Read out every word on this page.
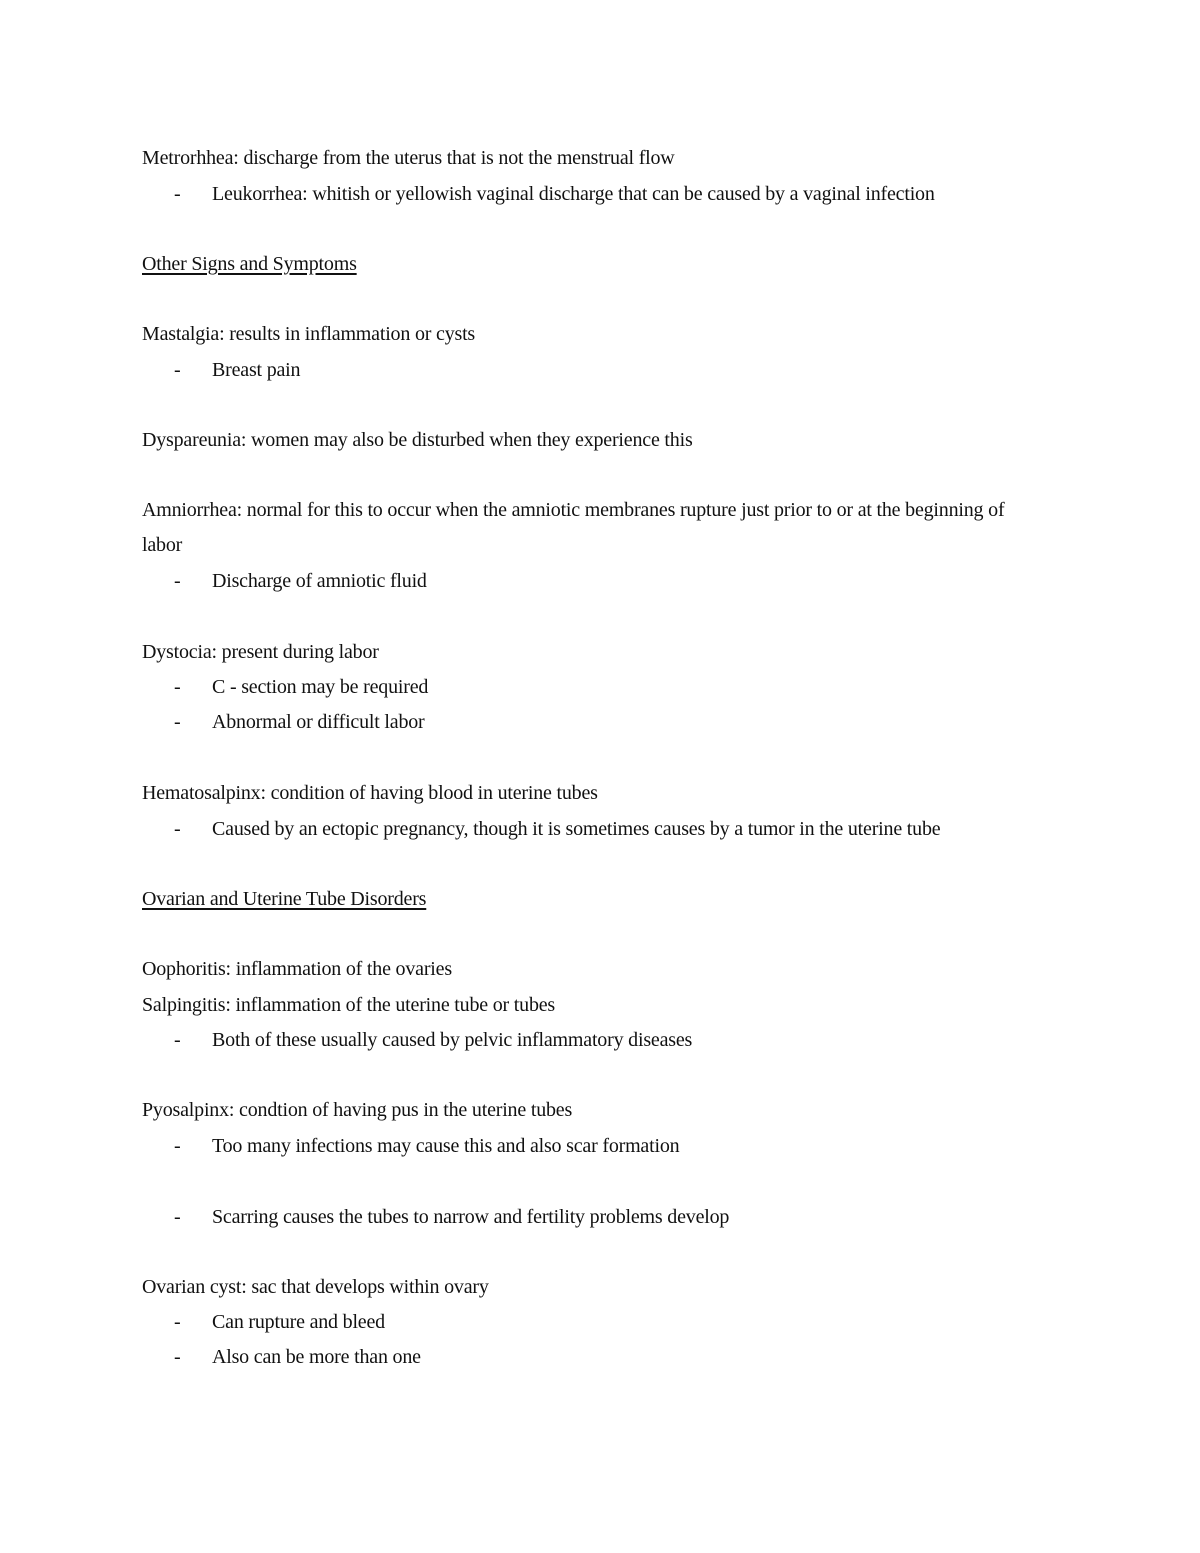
Metrorhhea: discharge from the uterus that is not the menstrual flow
- Leukorrhea: whitish or yellowish vaginal discharge that can be caused by a vaginal infection
Other Signs and Symptoms
Mastalgia: results in inflammation or cysts
- Breast pain
Dyspareunia: women may also be disturbed when they experience this
Amniorrhea: normal for this to occur when the amniotic membranes rupture just prior to or at the beginning of labor
- Discharge of amniotic fluid
Dystocia: present during labor
- C - section may be required
- Abnormal or difficult labor
Hematosalpinx: condition of having blood in uterine tubes
- Caused by an ectopic pregnancy, though it is sometimes causes by a tumor in the uterine tube
Ovarian and Uterine Tube Disorders
Oophoritis: inflammation of the ovaries
Salpingitis: inflammation of the uterine tube or tubes
- Both of these usually caused by pelvic inflammatory diseases
Pyosalpinx: condtion of having pus in the uterine tubes
- Too many infections may cause this and also scar formation
- Scarring causes the tubes to narrow and fertility problems develop
Ovarian cyst: sac that develops within ovary
- Can rupture and bleed
- Also can be more than one
